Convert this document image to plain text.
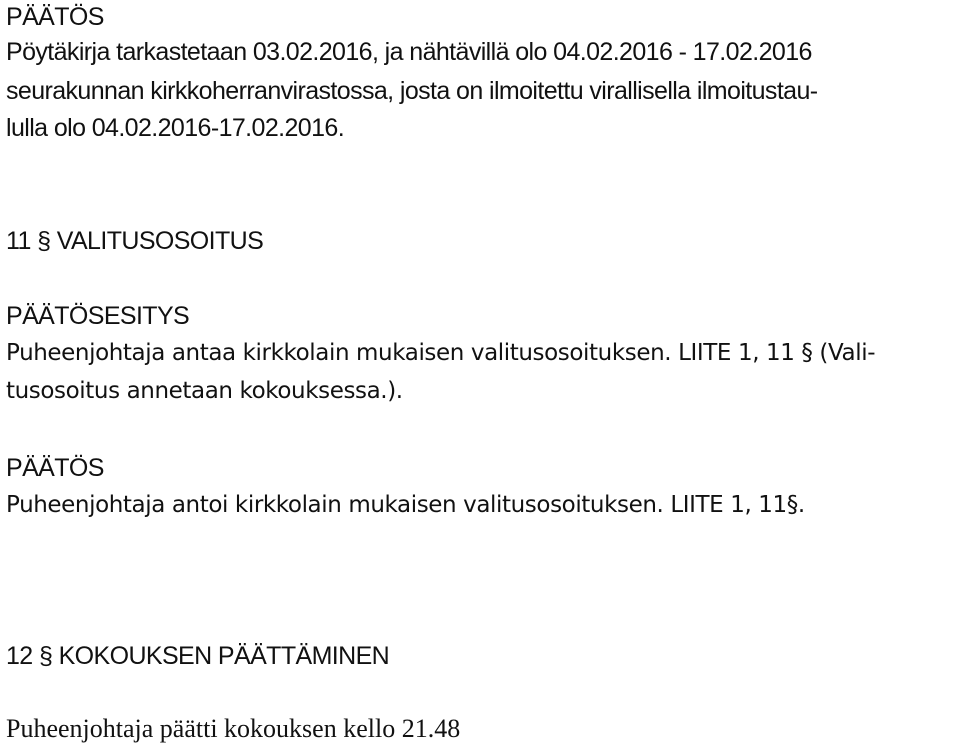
PÄÄTÖS
Pöytäkirja tarkastetaan 03.02.2016, ja nähtävillä olo 04.02.2016 - 17.02.2016
seurakunnan kirkkoherranvirastossa, josta on ilmoitettu virallisella ilmoitustau-
lulla olo 04.02.2016-17.02.2016.
11 § VALITUSOSOITUS
PÄÄTÖSESITYS
Puheenjohtaja antaa kirkkolain mukaisen valitusosoituksen. LIITE 1, 11 § (Vali-
tusosoitus annetaan kokouksessa.).
PÄÄTÖS
Puheenjohtaja antoi kirkkolain mukaisen valitusosoituksen. LIITE 1, 11§.
12 § KOKOUKSEN PÄÄTTÄMINEN
Puheenjohtaja päätti kokouksen kello 21.48
